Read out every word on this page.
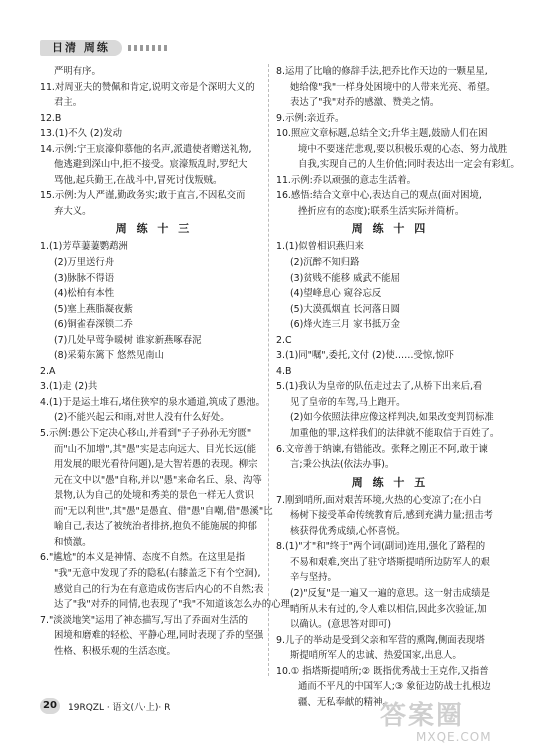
日清 周练
严明有序。
11.对周亚夫的赞佩和肯定,说明文帝是个深明大义的
君主。
12.B
13.(1)不久 (2)发动
14.示例:宁王宸濠仰慕他的名声,派遣使者赠送礼物,
他逃避到深山中,拒不接受。宸濠叛乱时,罗纪大
骂他,起兵勤王,在战斗中,冒死讨伐叛贼。
15.示例:为人严谨,勤政务实;敢于直言,不因私交而
弃大义。
周 练 十 三
1.(1)芳草萋萋鹦鹉洲
(2)万里送行舟
(3)脉脉不得语
(4)松柏有本性
(5)塞上燕脂凝夜紫
(6)铜雀春深锁二乔
(7)几处早莺争暖树 谁家新燕啄春泥
(8)采菊东篱下 悠然见南山
2.A
3.(1)走 (2)共
4.(1)于是运土堆石,堵住狭窄的泉水通道,筑成了愚池。
(2)不能兴起云和雨,对世人没有什么好处。
5.示例:愚公下定决心移山,并看到"子子孙孙无穷匮"
而"山不加增",其"愚"实是志向远大、目光长远(能
用发展的眼光看待问题),是大智若愚的表现。柳宗
元在文中以"愚"自称,并以"愚"来命名丘、泉、沟等
景物,认为自己的处境和秀美的景色一样无人赏识
而"无以利世",其"愚"是愚直、借"愚"自嘲,借"愚溪"比
喻自己,表达了被统治者排挤,抱负不能施展的抑郁
和愤激。
6."尴尬"的本义是神情、态度不自然。在这里是指
"我"无意中发现了乔的隐私(右膝盖乏下有个空洞),
感觉自己的行为在有意造成伤害后内心的不自然;表
达了"我"对乔的同情,也表现了"我"不知道该怎么办的心理。
7."淡淡地笑"运用了神态描写,写出了乔面对生活的
困境和磨难的轻松、平静心理,同时表现了乔的坚强
性格、积极乐观的生活态度。
8.运用了比喻的修辞手法,把乔比作天边的一颗星星,
她给像"我"一样身处困境中的人带来光亮、希望。
表达了"我"对乔的感激、赞美之情。
9.示例:亲近乔。
10.照应文章标题,总结全文;升华主题,鼓励人们在困
境中不要迷茫悲观,要以积极乐观的心态、努力战胜
自我,实现自己的人生价值;同时表达出一定会有彩虹。
11.示例:乔以顽强的意志生活着。
16.感悟:结合文章中心,表达自己的观点(面对困境,
挫折应有的态度);联系生活实际并简析。
周 练 十 四
1.(1)似曾相识燕归来
(2)沉醉不知归路
(3)贫贱不能移 威武不能屈
(4)望峰息心 窥谷忘反
(5)大漠孤烟直 长河落日圆
(6)烽火连三月 家书抵万金
2.C
3.(1)同"嘱",委托,文付 (2)使……受惊,惊吓
4.B
5.(1)我认为皇帝的队伍走过去了,从桥下出来后,看
见了皇帝的车驾,马上跑开。
(2)如今依照法律应像这样判决,如果改变判罚标准
加重他的罪,这样我们的法律就不能取信于百姓了。
6.文帝善于纳谏,有错能改。张释之刚正不阿,敢于谏
言;秉公执法(依法办事)。
周 练 十 五
7.刚到哨所,面对艰苦环境,火热的心变凉了;在小白
杨树下接受革命传统教育后,感到充满力量;扭击考
核获得优秀成绩,心怀喜悦。
8.(1)"才"和"终于"两个词(副词)连用,强化了路程的
不易和艰难,突出了驻守塔斯提哨所边防军人的艰
辛与坚持。
(2)"反复"是一遍又一遍的意思。这一射击成绩是
哨所从未有过的,令人难以相信,因此多次验证,加
以确认。(意思答对即可)
9.儿子的举动是受到父亲和军营的熏陶,侧面表现塔
斯提哨所军人的忠诚、热爱国家,出息人。
10.① 指塔斯提哨所;② 既指优秀战士王克作,又指普
通而不平凡的中国军人;③ 象征边防战士扎根边
疆、无私奉献的精神。
20	19RQZL · 语文(八·上)· R	答案圈
MXQE.COM
